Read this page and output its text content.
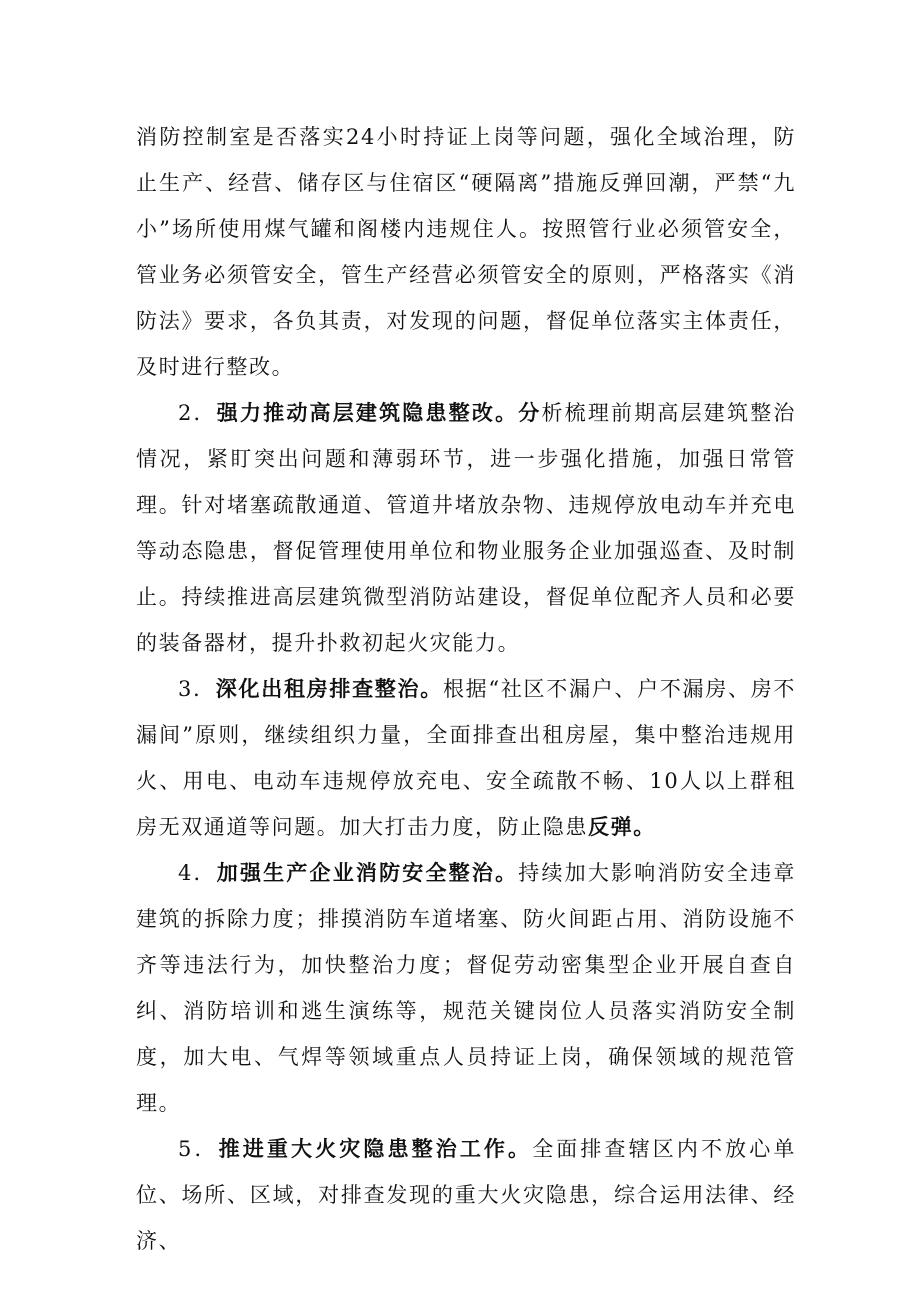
消防控制室是否落实24小时持证上岗等问题，强化全域治理，防止生产、经营、储存区与住宿区“硬隔离”措施反弹回潮，严禁“九小”场所使用煤气罐和阁楼内违规住人。按照管行业必须管安全，管业务必须管安全，管生产经营必须管安全的原则，严格落实《消防法》要求，各负其责，对发现的问题，督促单位落实主体责任，及时进行整改。

2．强力推动高层建筑隐患整改。分析梳理前期高层建筑整治情况，紧盯突出问题和薄弱环节，进一步强化措施，加强日常管理。针对堵塞疏散通道、管道井堵放杂物、违规停放电动车并充电等动态隐患，督促管理使用单位和物业服务企业加强巡查、及时制止。持续推进高层建筑微型消防站建设，督促单位配齐人员和必要的装备器材，提升扑救初起火灾能力。

3．深化出租房排查整治。根据“社区不漏户、户不漏房、房不漏间”原则，继续组织力量，全面排查出租房屋，集中整治违规用火、用电、电动车违规停放充电、安全疏散不畅、10人以上群租房无双通道等问题。加大打击力度，防止隐患反弹。

4．加强生产企业消防安全整治。持续加大影响消防安全违章建筑的拆除力度；排摸消防车道堵塞、防火间距占用、消防设施不齐等违法行为，加快整治力度；督促劳动密集型企业开展自查自纠、消防培训和逃生演练等，规范关键岗位人员落实消防安全制度，加大电、气焊等领域重点人员持证上岗，确保领域的规范管理。

5．推进重大火灾隐患整治工作。全面排查辖区内不放心单位、场所、区域，对排查发现的重大火灾隐患，综合运用法律、经济、
